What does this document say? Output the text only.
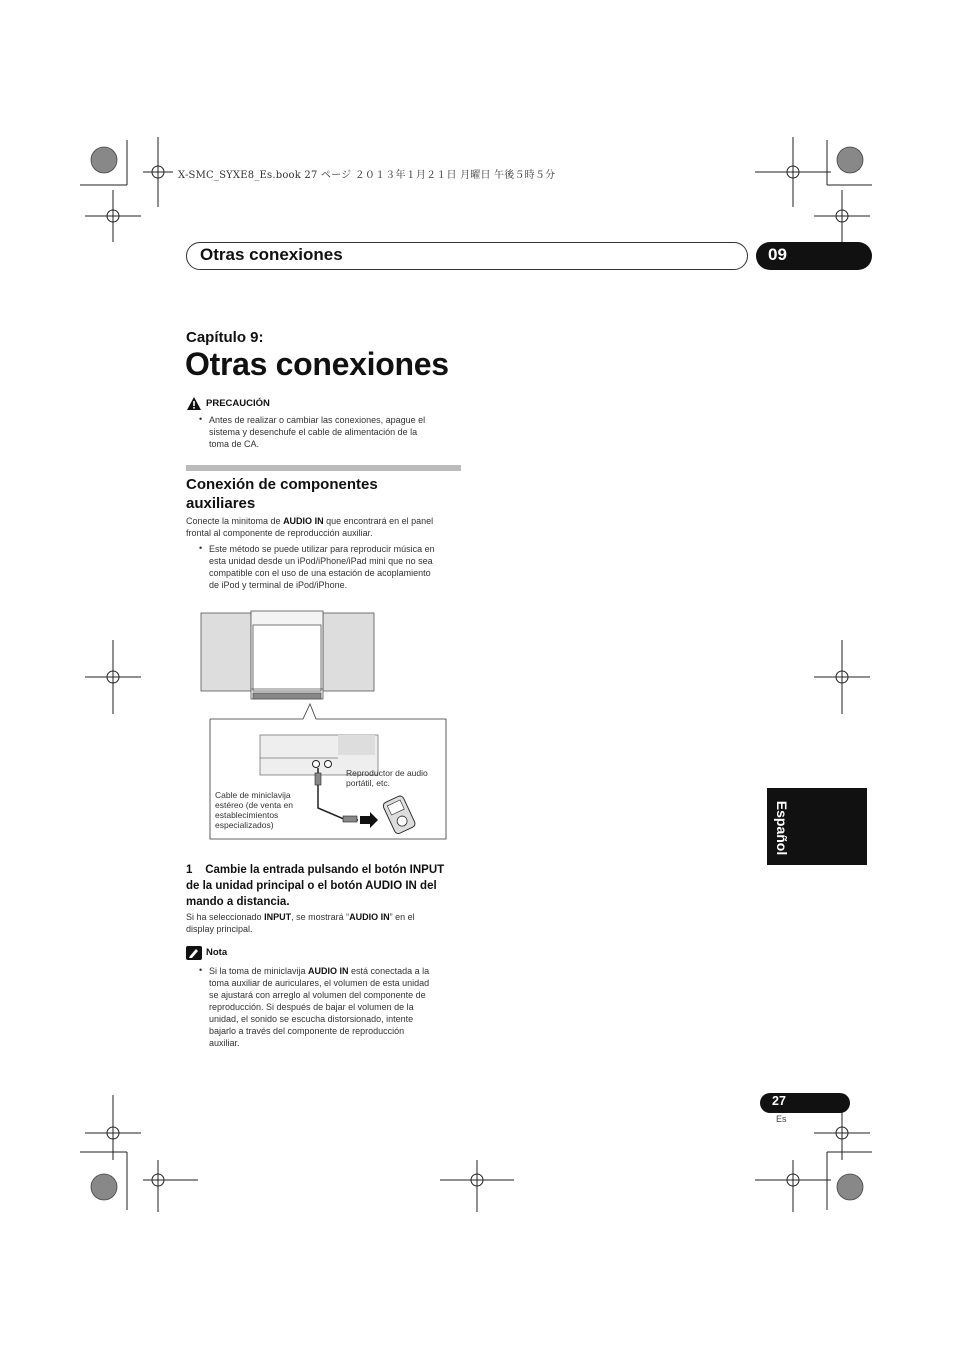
X-SMC_SYXE8_Es.book 27 ページ ２０１３年１月２１日 月曜日 午後５時５分
Otras conexiones	09
Capítulo 9:
Otras conexiones
PRECAUCIÓN
• Antes de realizar o cambiar las conexiones, apague el
sistema y desenchufe el cable de alimentación de la
toma de CA.
Conexión de componentes
auxiliares
Conecte la minitoma de AUDIO IN que encontrará en el panel
frontal al componente de reproducción auxiliar.
• Este método se puede utilizar para reproducir música en
esta unidad desde un iPod/iPhone/iPad mini que no sea
compatible con el uso de una estación de acoplamiento
de iPod y terminal de iPod/iPhone.
Reproductor de audio
portátil, etc.
Cable de miniclavija
estéreo (de venta en
establecimientos
especializados)
1 Cambie la entrada pulsando el botón INPUT
de la unidad principal o el botón AUDIO IN del
mando a distancia.
Si ha seleccionado INPUT, se mostrará “AUDIO IN” en el
display principal.
Nota
• Si la toma de miniclavija AUDIO IN está conectada a la
toma auxiliar de auriculares, el volumen de esta unidad
se ajustará con arreglo al volumen del componente de
reproducción. Si después de bajar el volumen de la
unidad, el sonido se escucha distorsionado, intente
bajarlo a través del componente de reproducción
auxiliar.
Español
27
Es
